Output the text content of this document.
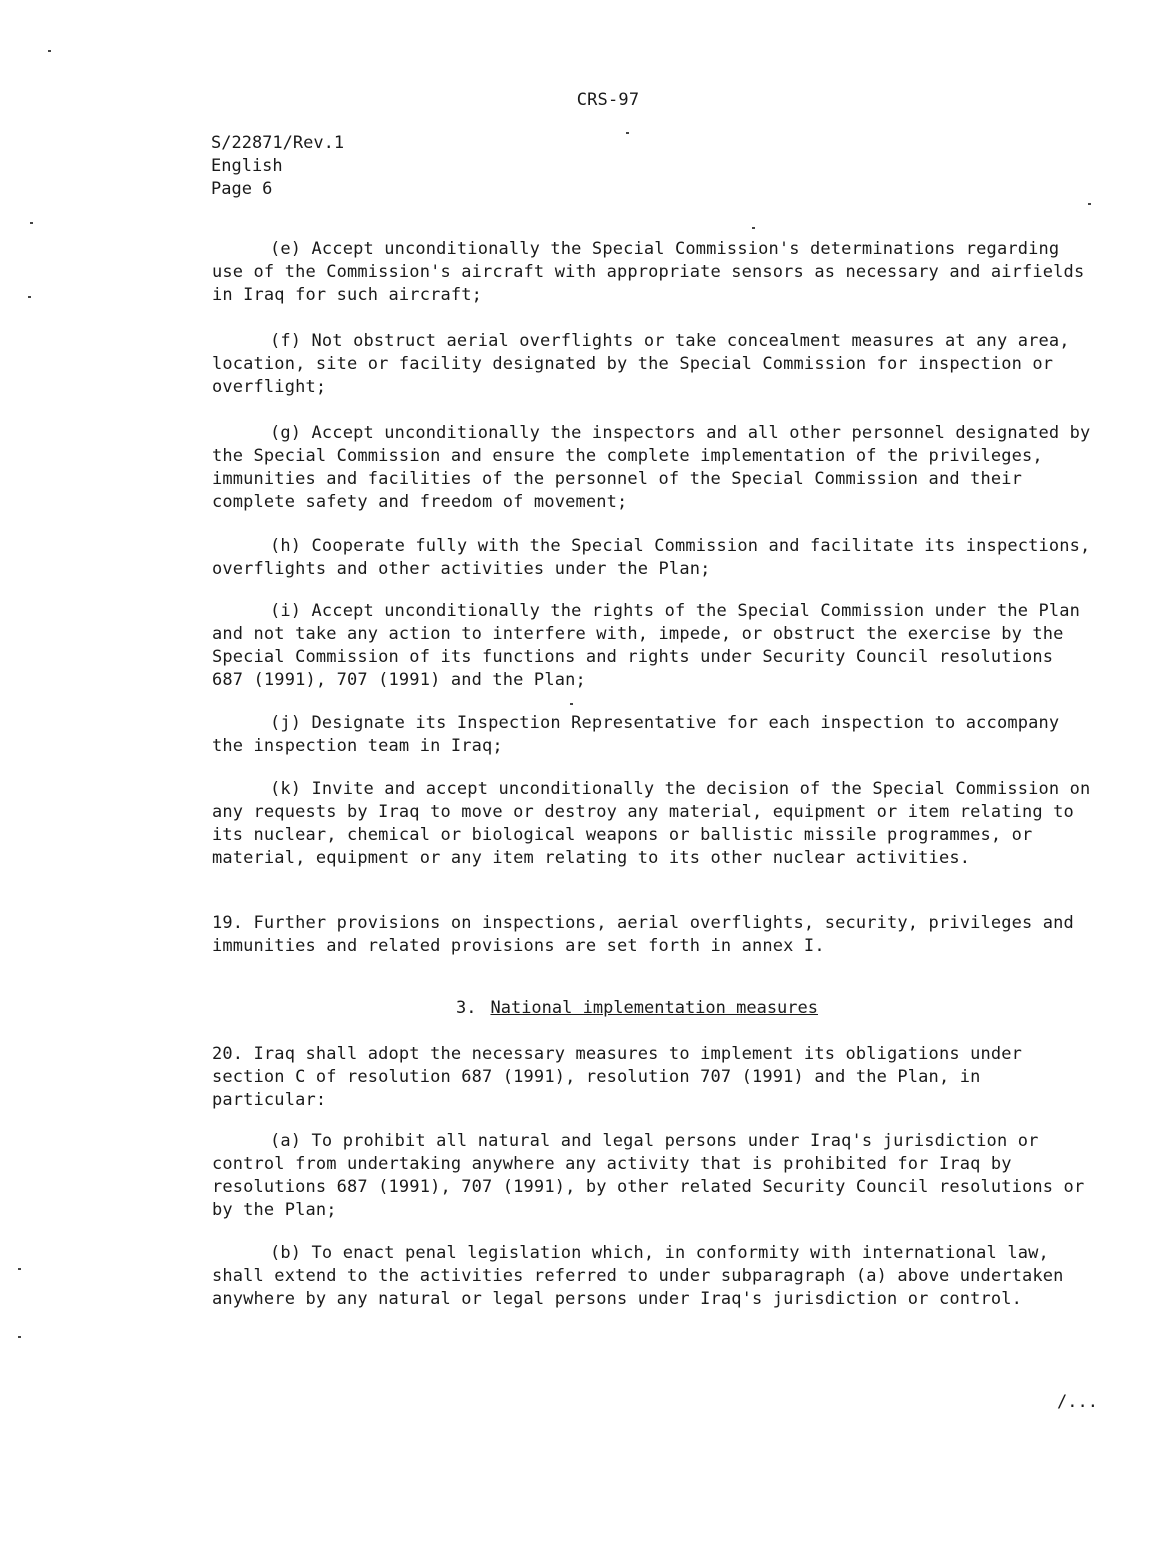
CRS-97
S/22871/Rev.1
English
Page 6
(e) Accept unconditionally the Special Commission's determinations regarding use of the Commission's aircraft with appropriate sensors as necessary and airfields in Iraq for such aircraft;
(f) Not obstruct aerial overflights or take concealment measures at any area, location, site or facility designated by the Special Commission for inspection or overflight;
(g) Accept unconditionally the inspectors and all other personnel designated by the Special Commission and ensure the complete implementation of the privileges, immunities and facilities of the personnel of the Special Commission and their complete safety and freedom of movement;
(h) Cooperate fully with the Special Commission and facilitate its inspections, overflights and other activities under the Plan;
(i) Accept unconditionally the rights of the Special Commission under the Plan and not take any action to interfere with, impede, or obstruct the exercise by the Special Commission of its functions and rights under Security Council resolutions 687 (1991), 707 (1991) and the Plan;
(j) Designate its Inspection Representative for each inspection to accompany the inspection team in Iraq;
(k) Invite and accept unconditionally the decision of the Special Commission on any requests by Iraq to move or destroy any material, equipment or item relating to its nuclear, chemical or biological weapons or ballistic missile programmes, or material, equipment or any item relating to its other nuclear activities.
19. Further provisions on inspections, aerial overflights, security, privileges and immunities and related provisions are set forth in annex I.
3. National implementation measures
20. Iraq shall adopt the necessary measures to implement its obligations under section C of resolution 687 (1991), resolution 707 (1991) and the Plan, in particular:
(a) To prohibit all natural and legal persons under Iraq's jurisdiction or control from undertaking anywhere any activity that is prohibited for Iraq by resolutions 687 (1991), 707 (1991), by other related Security Council resolutions or by the Plan;
(b) To enact penal legislation which, in conformity with international law, shall extend to the activities referred to under subparagraph (a) above undertaken anywhere by any natural or legal persons under Iraq's jurisdiction or control.
/...
